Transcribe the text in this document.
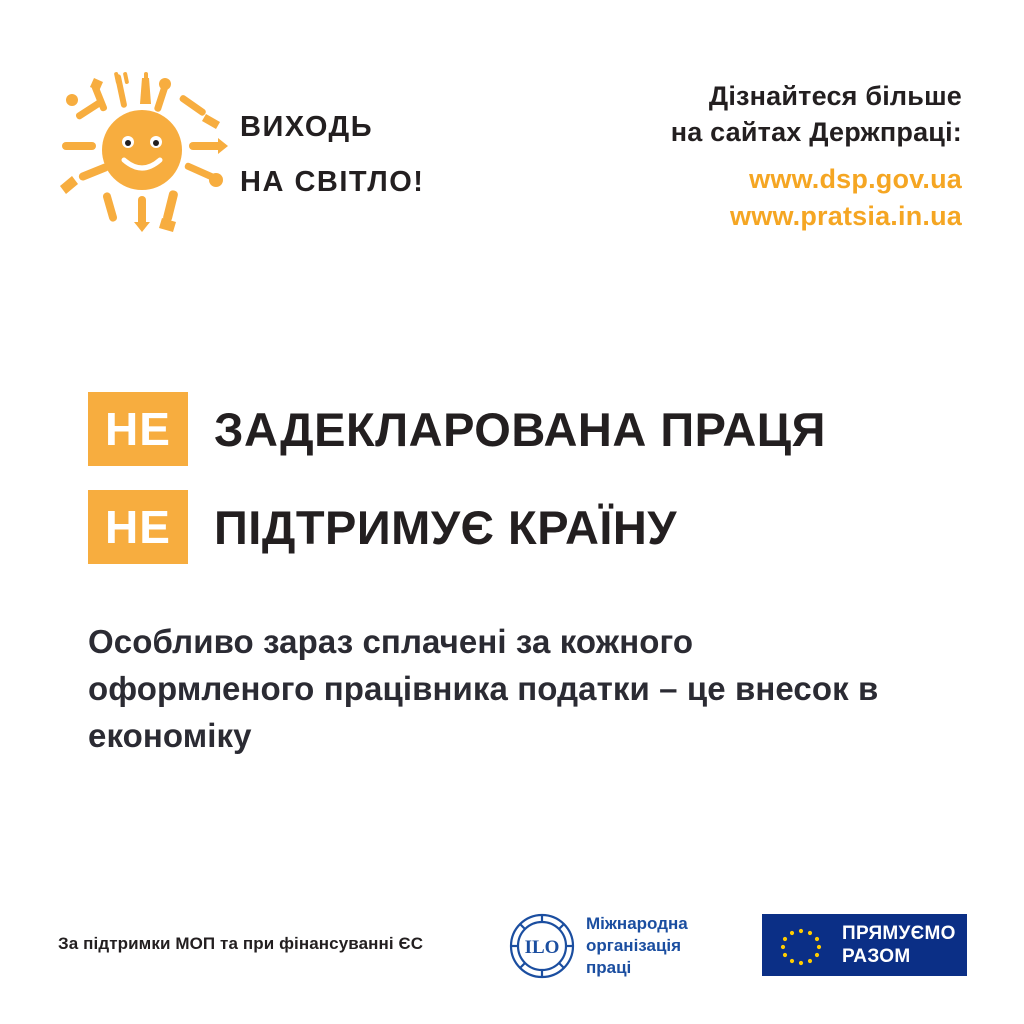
ВИХОДЬ
НА СВІТЛО!
Дізнайтеся більше
на сайтах Держпраці:
www.dsp.gov.ua
www.pratsia.in.ua
НЕ ЗАДЕКЛАРОВАНА ПРАЦЯ
НЕ ПІДТРИМУЄ КРАЇНУ
Особливо зараз сплачені за кожного оформленого працівника податки – це внесок в економіку
За підтримки МОП та при фінансуванні ЄС	ILO
Міжнародна
організація
праці
ПРЯМУЄМО
РАЗОМ
